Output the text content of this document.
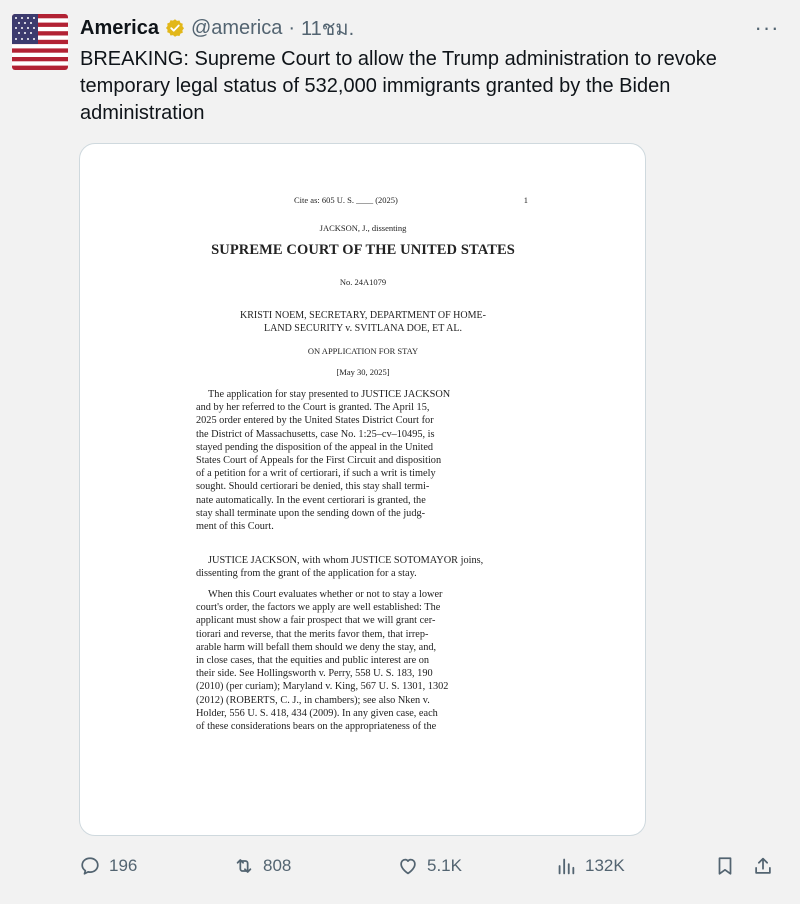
America @america · 11ชม.	···
BREAKING: Supreme Court to allow the Trump administration to revoke temporary legal status of 532,000 immigrants granted by the Biden administration
Cite as: 605 U. S. ____ (2025)	1
JACKSON, J., dissenting
SUPREME COURT OF THE UNITED STATES
No. 24A1079
KRISTI NOEM, SECRETARY, DEPARTMENT OF HOME-
LAND SECURITY v. SVITLANA DOE, ET AL.
ON APPLICATION FOR STAY
[May 30, 2025]
The application for stay presented to JUSTICE JACKSON
and by her referred to the Court is granted. The April 15,
2025 order entered by the United States District Court for
the District of Massachusetts, case No. 1:25–cv–10495, is
stayed pending the disposition of the appeal in the United
States Court of Appeals for the First Circuit and disposition
of a petition for a writ of certiorari, if such a writ is timely
sought. Should certiorari be denied, this stay shall termi-
nate automatically. In the event certiorari is granted, the
stay shall terminate upon the sending down of the judg-
ment of this Court.
JUSTICE JACKSON, with whom JUSTICE SOTOMAYOR joins,
dissenting from the grant of the application for a stay.
When this Court evaluates whether or not to stay a lower
court's order, the factors we apply are well established: The
applicant must show a fair prospect that we will grant cer-
tiorari and reverse, that the merits favor them, that irrep-
arable harm will befall them should we deny the stay, and,
in close cases, that the equities and public interest are on
their side. See Hollingsworth v. Perry, 558 U. S. 183, 190
(2010) (per curiam); Maryland v. King, 567 U. S. 1301, 1302
(2012) (ROBERTS, C. J., in chambers); see also Nken v.
Holder, 556 U. S. 418, 434 (2009). In any given case, each
of these considerations bears on the appropriateness of the
196	808	5.1K	132K
